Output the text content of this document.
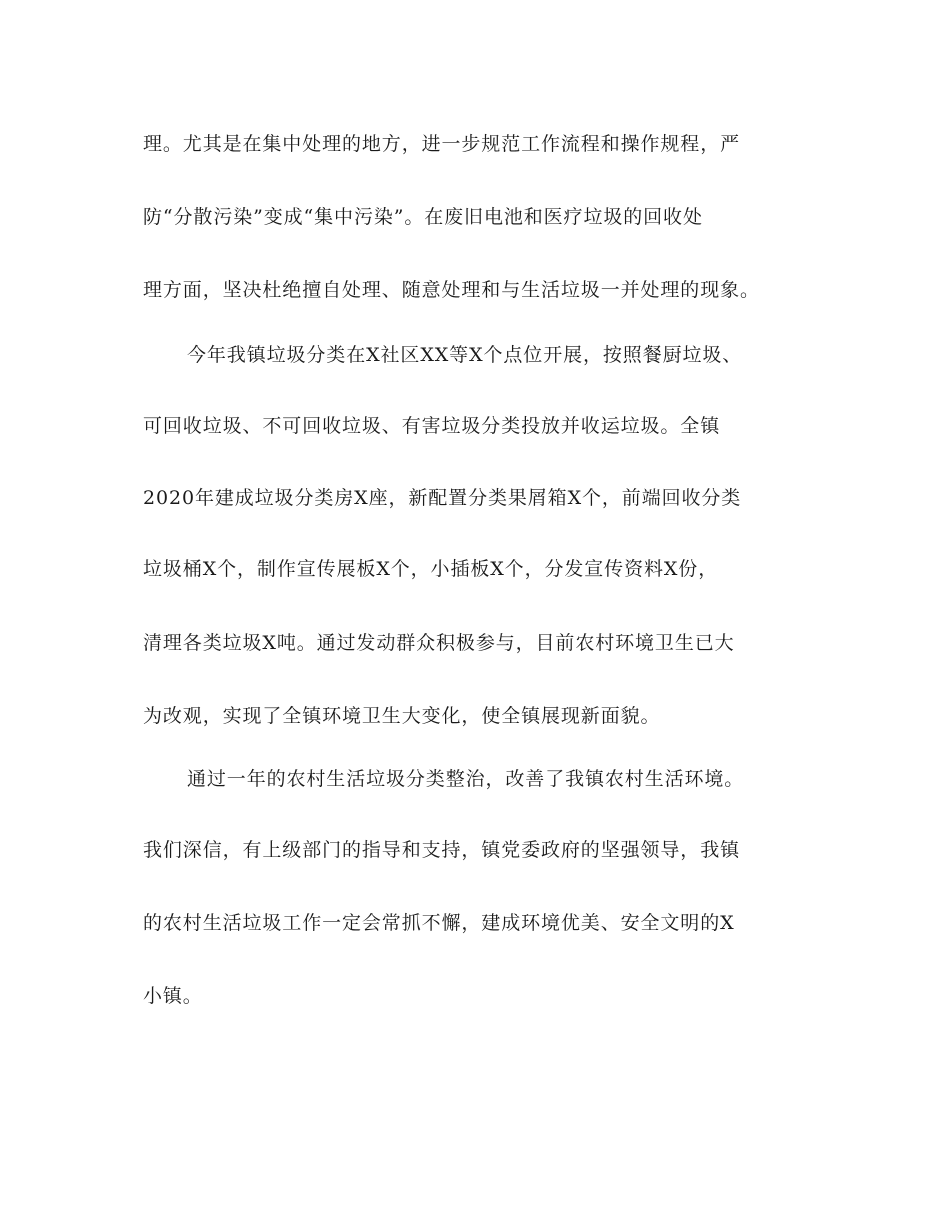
理。尤其是在集中处理的地方，进一步规范工作流程和操作规程，严
防“分散污染”变成“集中污染”。在废旧电池和医疗垃圾的回收处
理方面，坚决杜绝擅自处理、随意处理和与生活垃圾一并处理的现象。
今年我镇垃圾分类在X社区XX等X个点位开展，按照餐厨垃圾、
可回收垃圾、不可回收垃圾、有害垃圾分类投放并收运垃圾。全镇
2020年建成垃圾分类房X座，新配置分类果屑箱X个，前端回收分类
垃圾桶X个，制作宣传展板X个，小插板X个，分发宣传资料X份，
清理各类垃圾X吨。通过发动群众积极参与，目前农村环境卫生已大
为改观，实现了全镇环境卫生大变化，使全镇展现新面貌。
通过一年的农村生活垃圾分类整治，改善了我镇农村生活环境。
我们深信，有上级部门的指导和支持，镇党委政府的坚强领导，我镇
的农村生活垃圾工作一定会常抓不懈，建成环境优美、安全文明的X
小镇。
